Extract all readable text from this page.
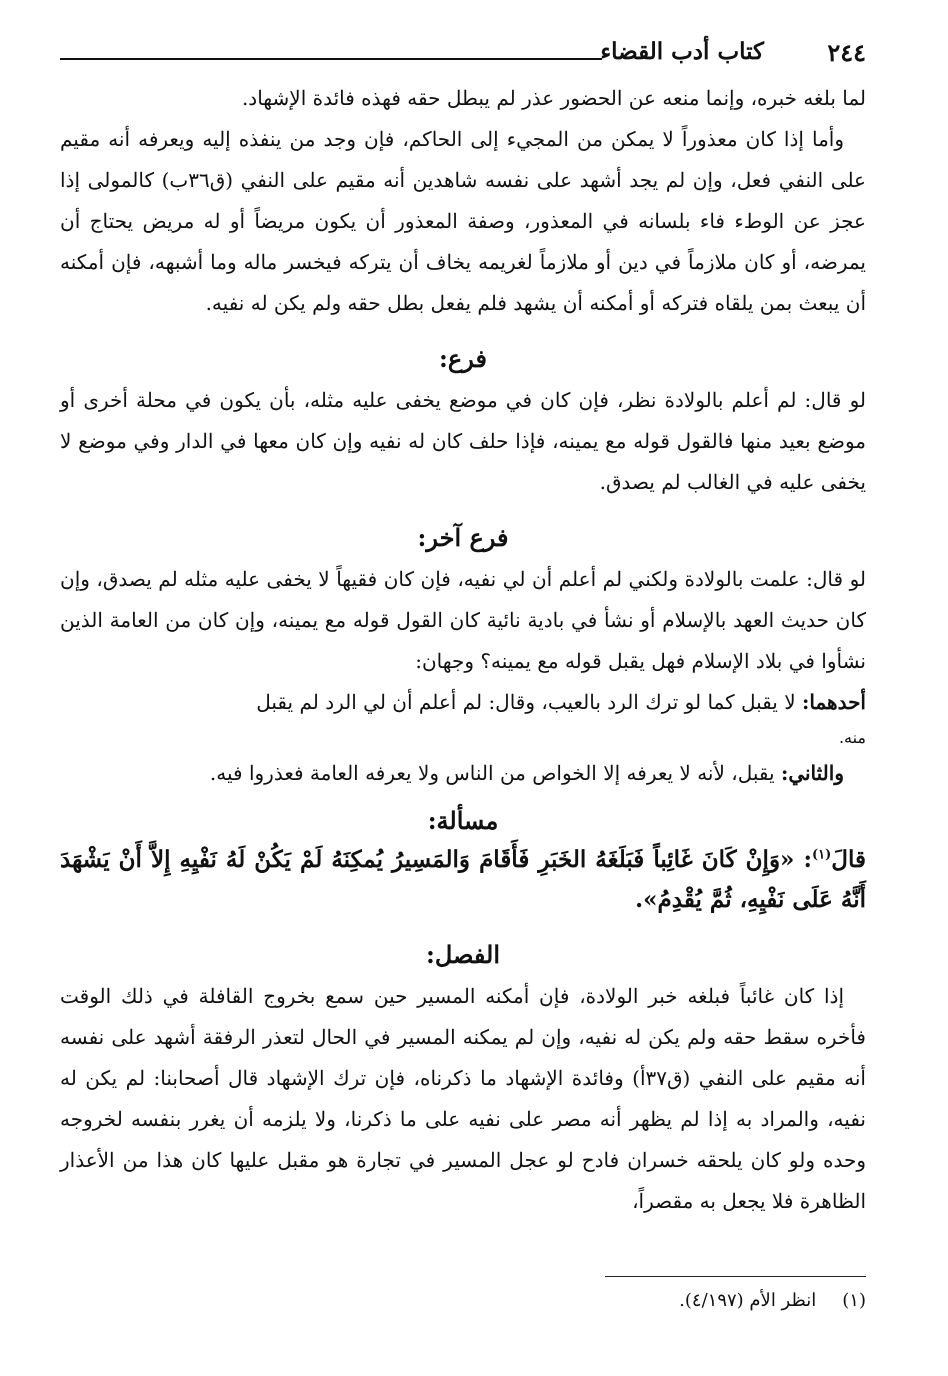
٢٤٤
كتاب أدب القضاء

لما بلغه خبره، وإنما منعه عن الحضور عذر لم يبطل حقه فهذه فائدة الإشهاد.

وأما إذا كان معذوراً لا يمكن من المجيء إلى الحاكم، فإن وجد من ينفذه إليه ويعرفه أنه مقيم على النفي فعل، وإن لم يجد أشهد على نفسه شاهدين أنه مقيم على النفي (ق٣٦ب) كالمولى إذا عجز عن الوطء فاء بلسانه في المعذور، وصفة المعذور أن يكون مريضاً أو له مريض يحتاج أن يمرضه، أو كان ملازماً في دين أو ملازماً لغريمه يخاف أن يتركه فيخسر ماله وما أشبهه، فإن أمكنه أن يبعث بمن يلقاه فتركه أو أمكنه أن يشهد فلم يفعل بطل حقه ولم يكن له نفيه.

فرع:

لو قال: لم أعلم بالولادة نظر، فإن كان في موضع يخفى عليه مثله، بأن يكون في محلة أخرى أو موضع بعيد منها فالقول قوله مع يمينه، فإذا حلف كان له نفيه وإن كان معها في الدار وفي موضع لا يخفى عليه في الغالب لم يصدق.

فرع آخر:

لو قال: علمت بالولادة ولكني لم أعلم أن لي نفيه، فإن كان فقيهاً لا يخفى عليه مثله لم يصدق، وإن كان حديث العهد بالإسلام أو نشأ في بادية نائية كان القول قوله مع يمينه، وإن كان من العامة الذين نشأوا في بلاد الإسلام فهل يقبل قوله مع يمينه؟ وجهان:

أحدهما: لا يقبل كما لو ترك الرد بالعيب، وقال: لم أعلم أن لي الرد لم يقبل

منه.

والثاني: يقبل، لأنه لا يعرفه إلا الخواص من الناس ولا يعرفه العامة فعذروا فيه.

مسألة:

قالَ$^{(١)}$: «وَإِنْ كَانَ غَائِباً فَبَلَغَهُ الخَبَرِ فَأَقَامَ وَالمَسِيرُ يُمكِنَهُ لَمْ يَكُنْ لَهُ نَفْيِهِ إِلاَّ أَنْ يَشْهَدَ أَنَّهُ عَلَى نَفْيِهِ، ثُمَّ يُقْدِمُ».

الفصل:

إذا كان غائباً فبلغه خبر الولادة، فإن أمكنه المسير حين سمع بخروج القافلة في ذلك الوقت فأخره سقط حقه ولم يكن له نفيه، وإن لم يمكنه المسير في الحال لتعذر الرفقة أشهد على نفسه أنه مقيم على النفي (ق٣٧أ) وفائدة الإشهاد ما ذكرناه، فإن ترك الإشهاد قال أصحابنا: لم يكن له نفيه، والمراد به إذا لم يظهر أنه مصر على نفيه على ما ذكرنا، ولا يلزمه أن يغرر بنفسه لخروجه وحده ولو كان يلحقه خسران فادح لو عجل المسير في تجارة هو مقبل عليها كان هذا من الأعذار الظاهرة فلا يجعل به مقصراً،

(١)انظر الأم (٤/١٩٧).
